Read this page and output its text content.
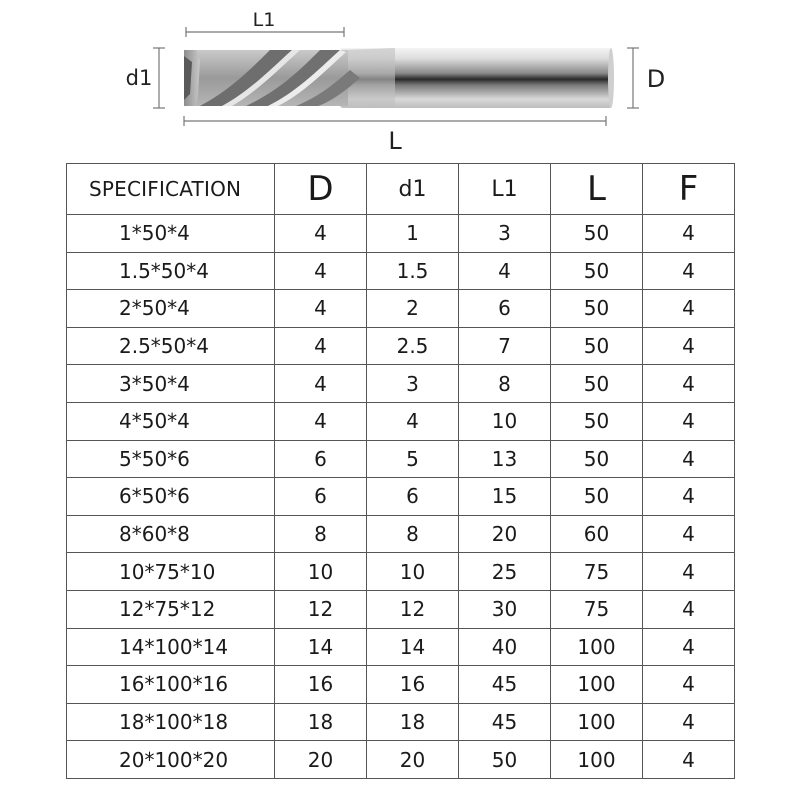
L1
d1	D
L
SPECIFICATION	D	d1	L1	L	F
1*50*4	4	1	3	50	4
1.5*50*4	4	1.5	4	50	4
2*50*4	4	2	6	50	4
2.5*50*4	4	2.5	7	50	4
3*50*4	4	3	8	50	4
4*50*4	4	4	10	50	4
5*50*6	6	5	13	50	4
6*50*6	6	6	15	50	4
8*60*8	8	8	20	60	4
10*75*10	10	10	25	75	4
12*75*12	12	12	30	75	4
14*100*14	14	14	40	100	4
16*100*16	16	16	45	100	4
18*100*18	18	18	45	100	4
20*100*20	20	20	50	100	4
